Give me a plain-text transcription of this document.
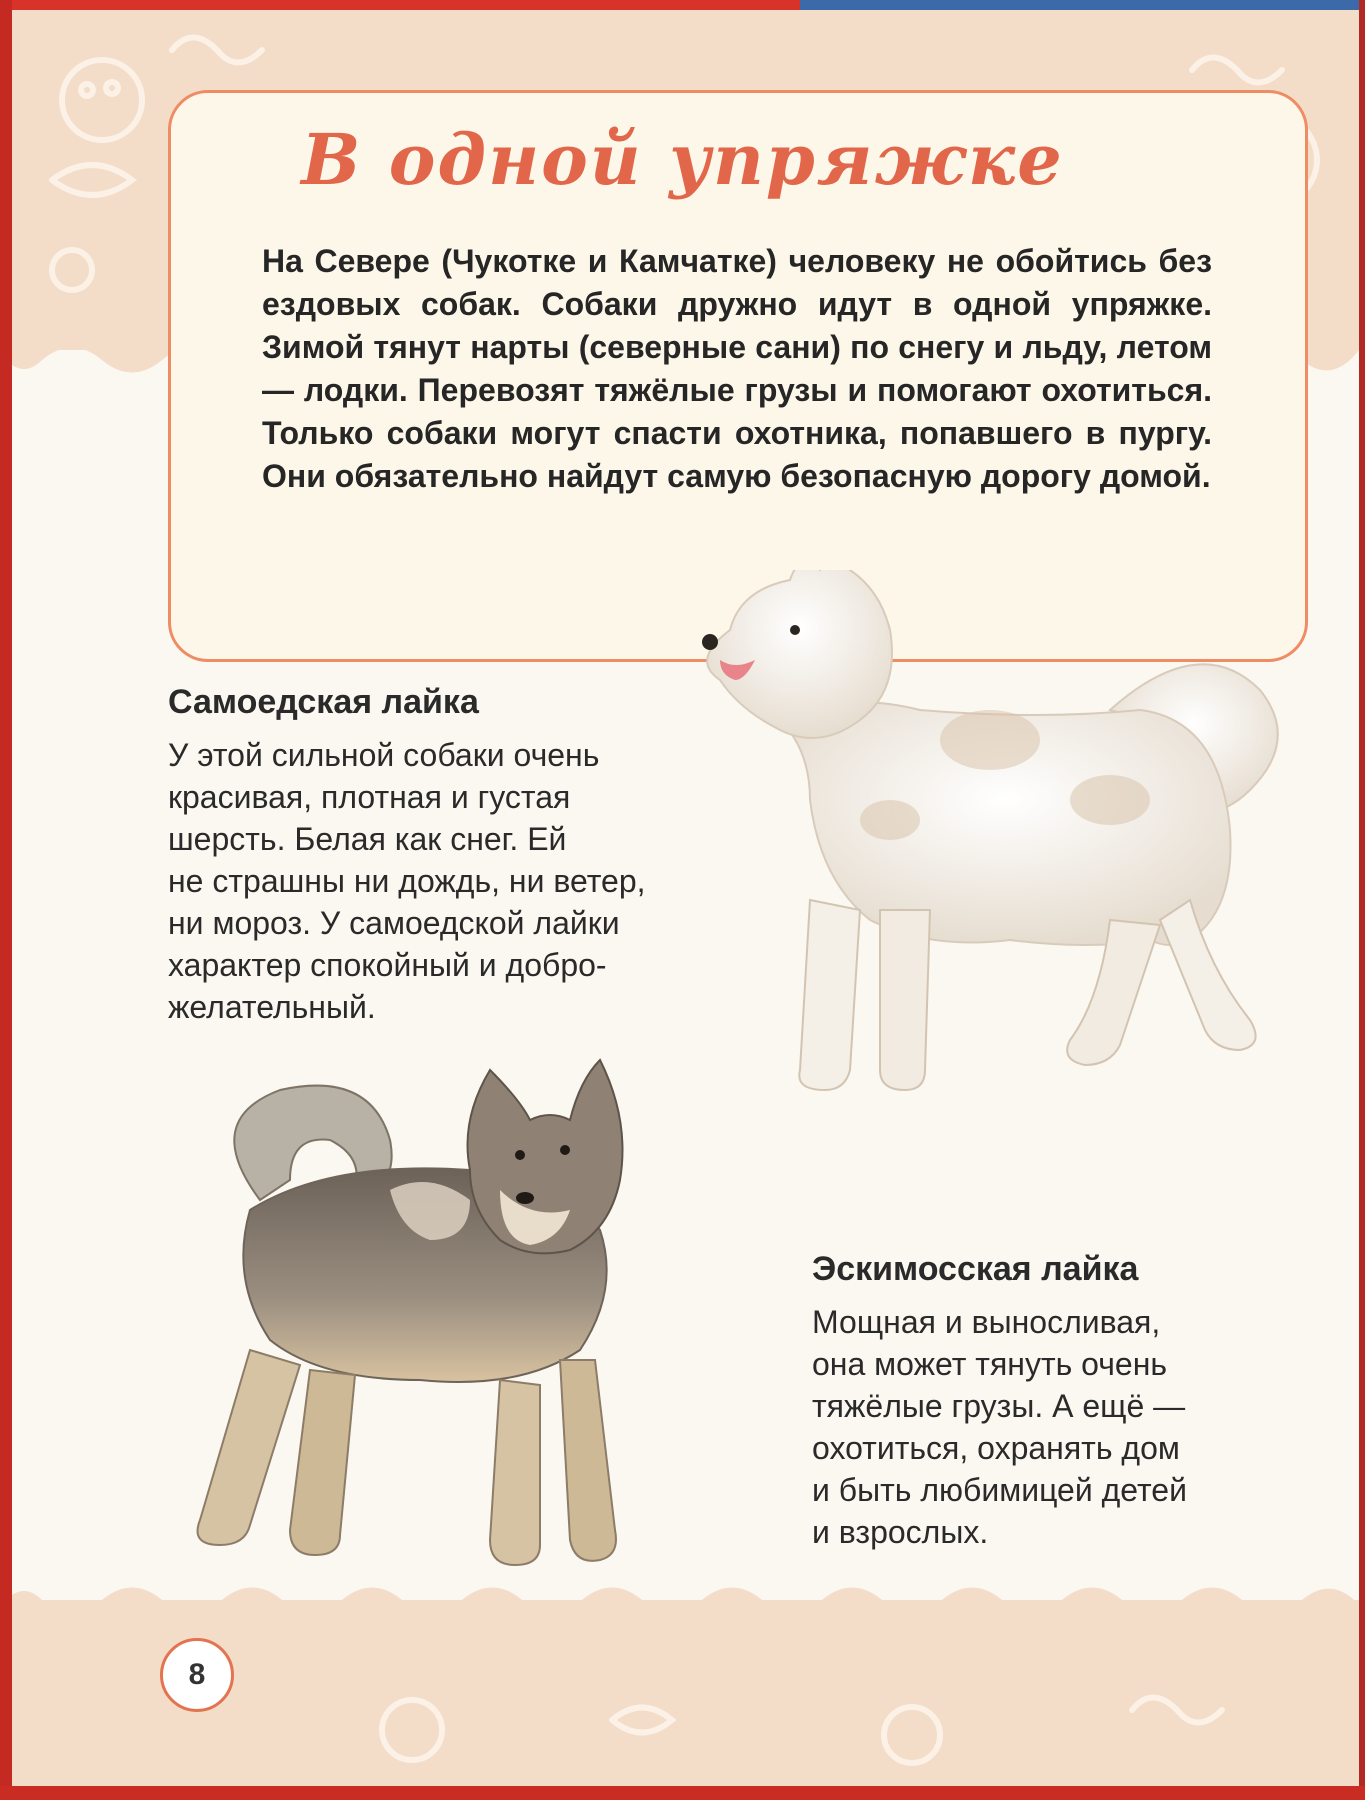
В одной упряжке

На Севере (Чукотке и Камчатке) человеку не обойтись без ездовых собак. Собаки дружно идут в одной упряжке. Зимой тянут нарты (северные сани) по снегу и льду, летом — лодки. Перевозят тяжёлые грузы и помогают охотиться. Только собаки могут спасти охотника, попавшего в пургу. Они обязательно найдут самую безопасную дорогу домой.

Самоедская лайка

У этой сильной собаки очень
красивая, плотная и густая
шерсть. Белая как снег. Ей
не страшны ни дождь, ни ветер,
ни мороз. У самоедской лайки
характер спокойный и добро-
желательный.

Эскимосская лайка

Мощная и выносливая,
она может тянуть очень
тяжёлые грузы. А ещё —
охотиться, охранять дом
и быть любимицей детей
и взрослых.

8
